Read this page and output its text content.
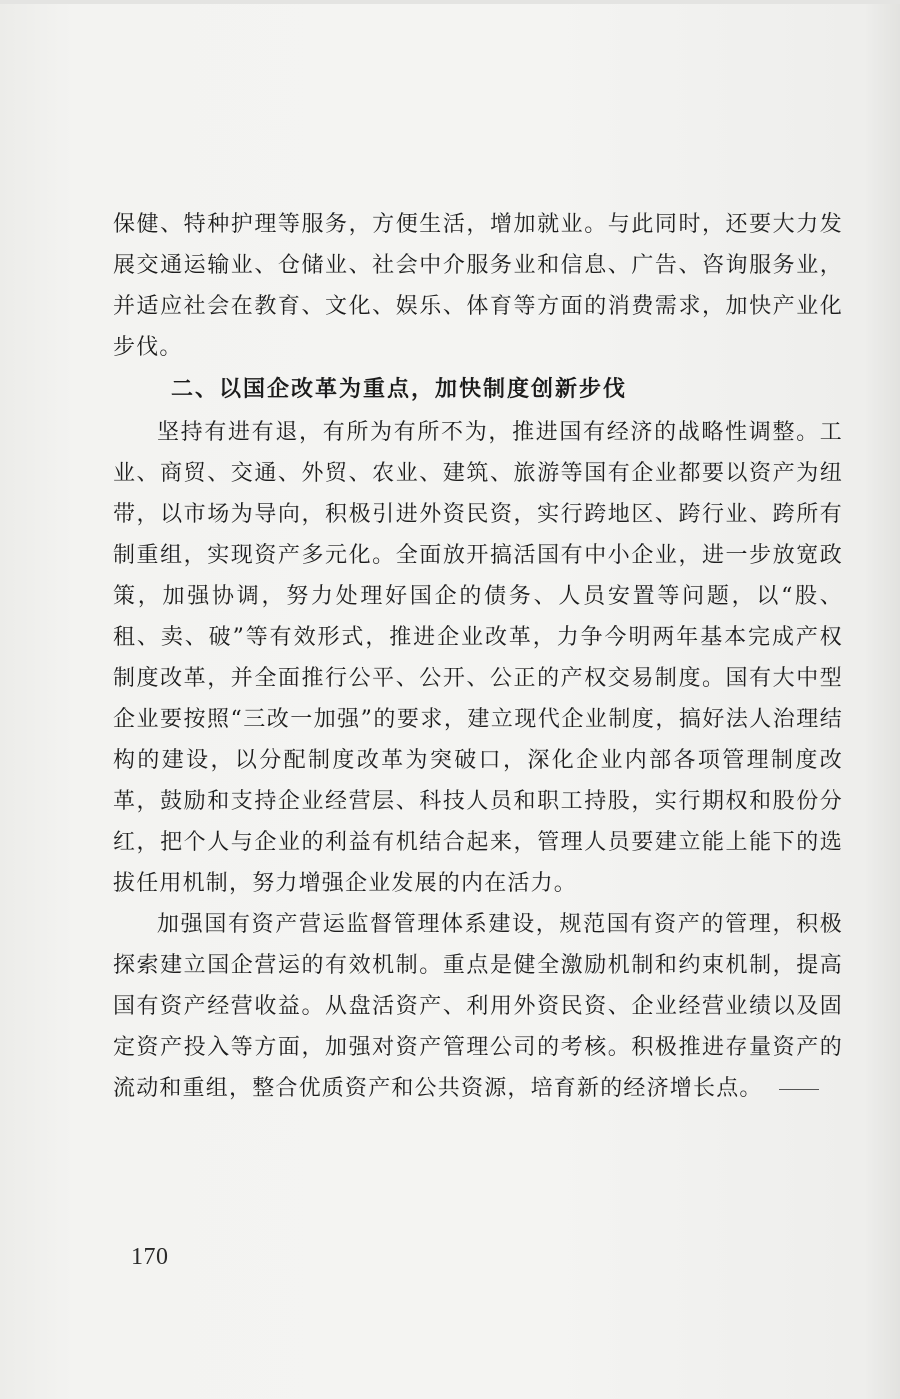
保健、特种护理等服务，方便生活，增加就业。与此同时，还要大力发展交通运输业、仓储业、社会中介服务业和信息、广告、咨询服务业，并适应社会在教育、文化、娱乐、体育等方面的消费需求，加快产业化步伐。

二、以国企改革为重点，加快制度创新步伐

坚持有进有退，有所为有所不为，推进国有经济的战略性调整。工业、商贸、交通、外贸、农业、建筑、旅游等国有企业都要以资产为纽带，以市场为导向，积极引进外资民资，实行跨地区、跨行业、跨所有制重组，实现资产多元化。全面放开搞活国有中小企业，进一步放宽政策，加强协调，努力处理好国企的债务、人员安置等问题，以“股、租、卖、破”等有效形式，推进企业改革，力争今明两年基本完成产权制度改革，并全面推行公平、公开、公正的产权交易制度。国有大中型企业要按照“三改一加强”的要求，建立现代企业制度，搞好法人治理结构的建设，以分配制度改革为突破口，深化企业内部各项管理制度改革，鼓励和支持企业经营层、科技人员和职工持股，实行期权和股份分红，把个人与企业的利益有机结合起来，管理人员要建立能上能下的选拔任用机制，努力增强企业发展的内在活力。

加强国有资产营运监督管理体系建设，规范国有资产的管理，积极探索建立国企营运的有效机制。重点是健全激励机制和约束机制，提高国有资产经营收益。从盘活资产、利用外资民资、企业经营业绩以及固定资产投入等方面，加强对资产管理公司的考核。积极推进存量资产的流动和重组，整合优质资产和公共资源，培育新的经济增长点。

170
